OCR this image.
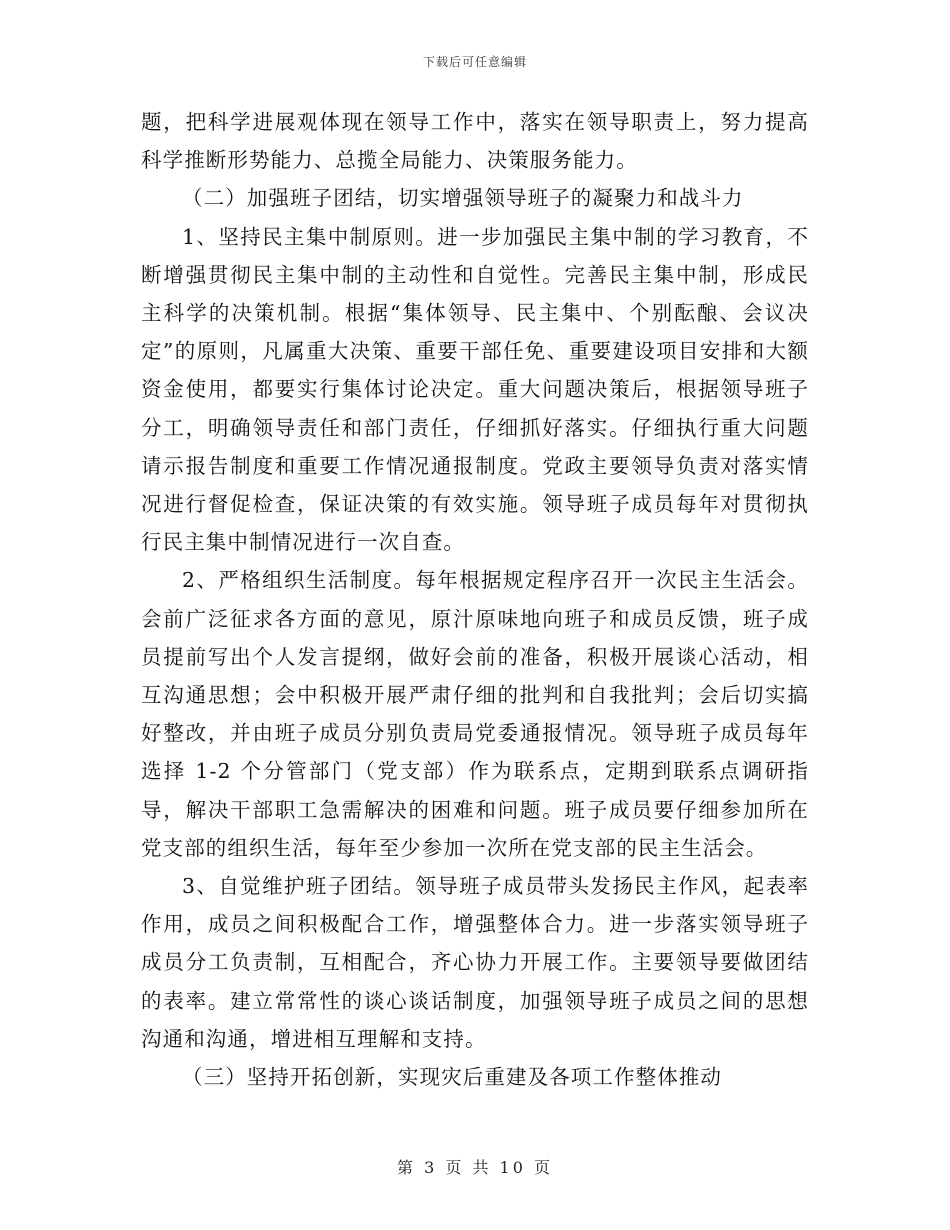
下载后可任意编辑

题，把科学进展观体现在领导工作中，落实在领导职责上，努力提高科学推断形势能力、总揽全局能力、决策服务能力。

（二）加强班子团结，切实增强领导班子的凝聚力和战斗力

1、坚持民主集中制原则。进一步加强民主集中制的学习教育，不断增强贯彻民主集中制的主动性和自觉性。完善民主集中制，形成民主科学的决策机制。根据“集体领导、民主集中、个别酝酿、会议决定”的原则，凡属重大决策、重要干部任免、重要建设项目安排和大额资金使用，都要实行集体讨论决定。重大问题决策后，根据领导班子分工，明确领导责任和部门责任，仔细抓好落实。仔细执行重大问题请示报告制度和重要工作情况通报制度。党政主要领导负责对落实情况进行督促检查，保证决策的有效实施。领导班子成员每年对贯彻执行民主集中制情况进行一次自查。

2、严格组织生活制度。每年根据规定程序召开一次民主生活会。会前广泛征求各方面的意见，原汁原味地向班子和成员反馈，班子成员提前写出个人发言提纲，做好会前的准备，积极开展谈心活动，相互沟通思想；会中积极开展严肃仔细的批判和自我批判；会后切实搞好整改，并由班子成员分别负责局党委通报情况。领导班子成员每年选择 1-2 个分管部门（党支部）作为联系点，定期到联系点调研指导，解决干部职工急需解决的困难和问题。班子成员要仔细参加所在党支部的组织生活，每年至少参加一次所在党支部的民主生活会。

3、自觉维护班子团结。领导班子成员带头发扬民主作风，起表率作用，成员之间积极配合工作，增强整体合力。进一步落实领导班子成员分工负责制，互相配合，齐心协力开展工作。主要领导要做团结的表率。建立常常性的谈心谈话制度，加强领导班子成员之间的思想沟通和沟通，增进相互理解和支持。

（三）坚持开拓创新，实现灾后重建及各项工作整体推动

第 3 页 共 10 页
